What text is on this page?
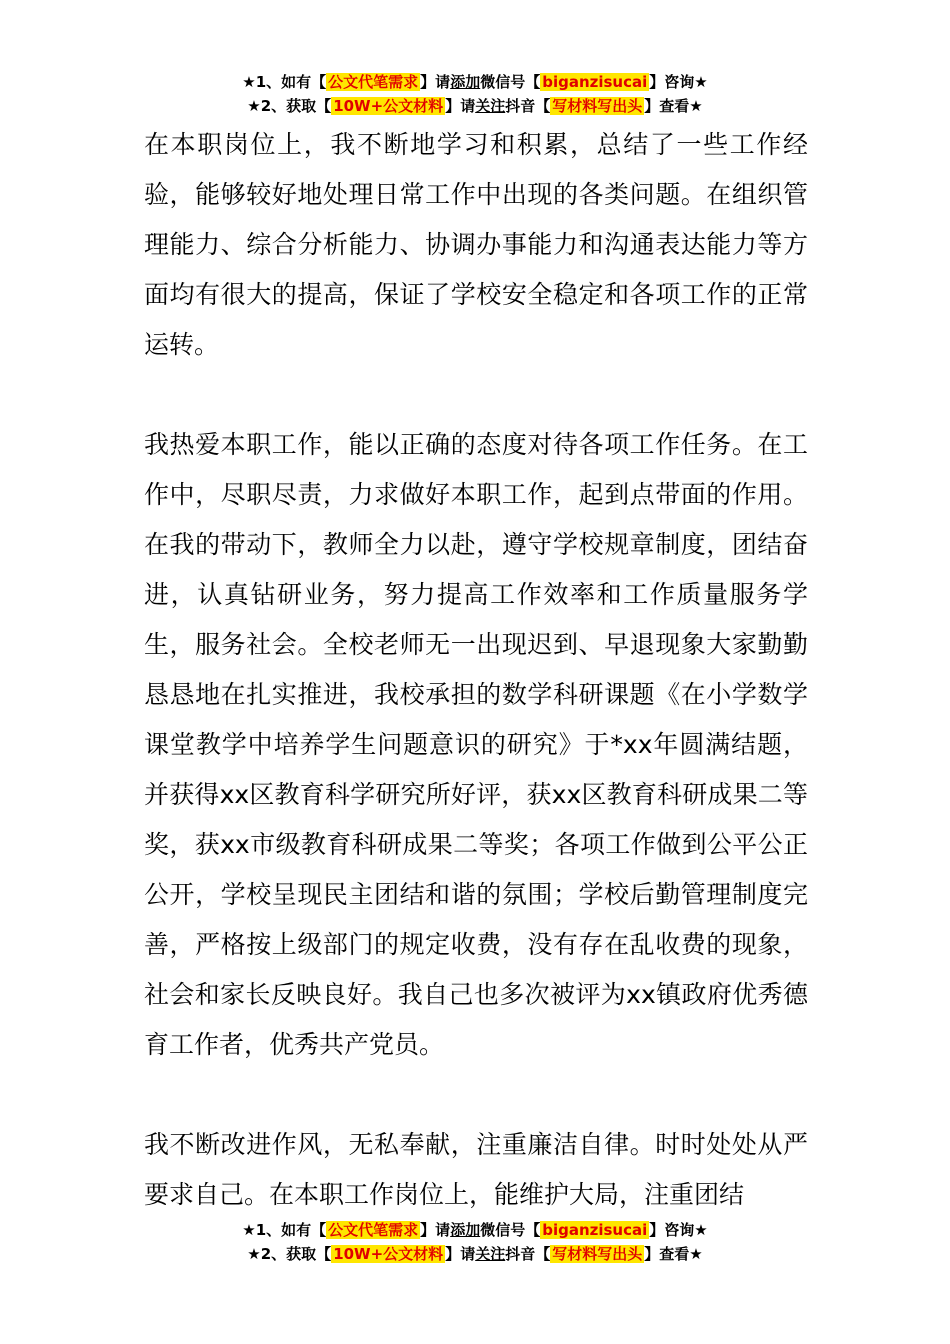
★1、如有【 公文代笔需求 】请添加微信号【 biganzisucai 】咨询★
★2、获取【 10W+公文材料 】请关注抖音【 写材料写出头 】查看★

在本职岗位上，我不断地学习和积累，总结了一些工作经验，能够较好地处理日常工作中出现的各类问题。在组织管理能力、综合分析能力、协调办事能力和沟通表达能力等方面均有很大的提高，保证了学校安全稳定和各项工作的正常运转。

我热爱本职工作，能以正确的态度对待各项工作任务。在工作中，尽职尽责，力求做好本职工作，起到点带面的作用。在我的带动下，教师全力以赴，遵守学校规章制度，团结奋进，认真钻研业务，努力提高工作效率和工作质量服务学生，服务社会。全校老师无一出现迟到、早退现象大家勤勤恳恳地在扎实推进，我校承担的数学科研课题《在小学数学课堂教学中培养学生问题意识的研究》于*xx年圆满结题，并获得xx区教育科学研究所好评，获xx区教育科研成果二等奖，获xx市级教育科研成果二等奖；各项工作做到公平公正公开，学校呈现民主团结和谐的氛围；学校后勤管理制度完善，严格按上级部门的规定收费，没有存在乱收费的现象，社会和家长反映良好。我自己也多次被评为xx镇政府优秀德育工作者，优秀共产党员。

我不断改进作风，无私奉献，注重廉洁自律。时时处处从严要求自己。在本职工作岗位上，能维护大局，注重团结

★1、如有【 公文代笔需求 】请添加微信号【 biganzisucai 】咨询★
★2、获取【 10W+公文材料 】请关注抖音【 写材料写出头 】查看★
